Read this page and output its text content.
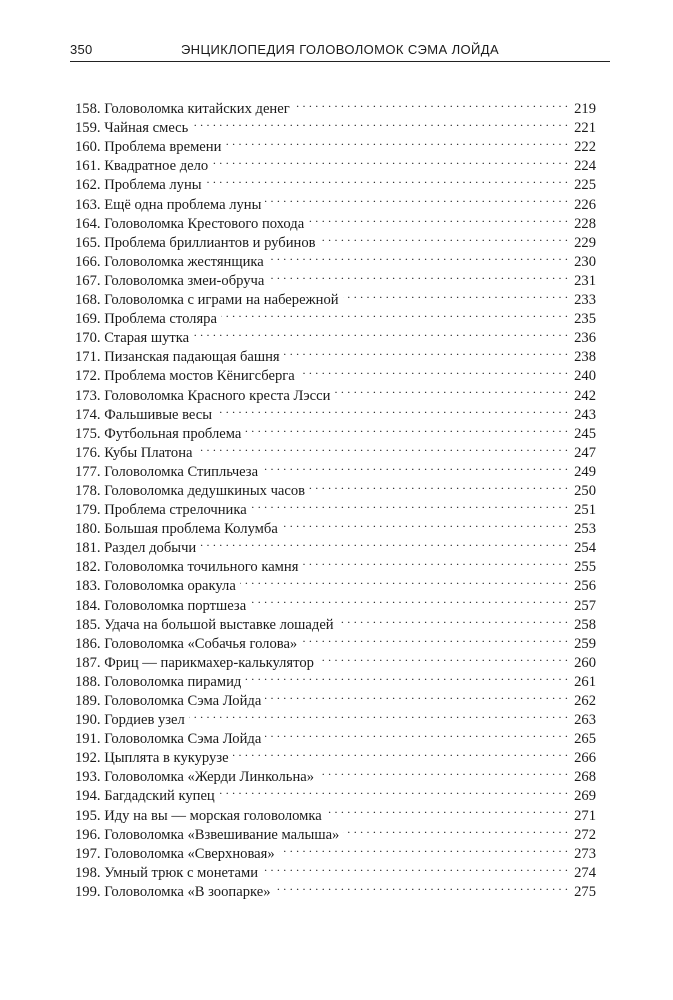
350	ЭНЦИКЛОПЕДИЯ ГОЛОВОЛОМОК СЭМА ЛОЙДА
158. Головоломка китайских денег . . .	219
159. Чайная смесь . . .	221
160. Проблема времени . . .	222
161. Квадратное дело . . .	224
162. Проблема луны . . .	225
163. Ещё одна проблема луны . . .	226
164. Головоломка Крестового похода . . .	228
165. Проблема бриллиантов и рубинов . . .	229
166. Головоломка жестянщика . . .	230
167. Головоломка змеи-обруча . . .	231
168. Головоломка с играми на набережной . . .	233
169. Проблема столяра . . .	235
170. Старая шутка . . .	236
171. Пизанская падающая башня . . .	238
172. Проблема мостов Кёнигсберга . . .	240
173. Головоломка Красного креста Лэсси . . .	242
174. Фальшивые весы . . .	243
175. Футбольная проблема . . .	245
176. Кубы Платона . . .	247
177. Головоломка Стипльчеза . . .	249
178. Головоломка дедушкиных часов . . .	250
179. Проблема стрелочника . . .	251
180. Большая проблема Колумба . . .	253
181. Раздел добычи . . .	254
182. Головоломка точильного камня . . .	255
183. Головоломка оракула . . .	256
184. Головоломка портшеза . . .	257
185. Удача на большой выставке лошадей . . .	258
186. Головоломка «Собачья голова» . . .	259
187. Фриц — парикмахер-калькулятор . . .	260
188. Головоломка пирамид . . .	261
189. Головоломка Сэма Лойда . . .	262
190. Гордиев узел . . .	263
191. Головоломка Сэма Лойда . . .	265
192. Цыплята в кукурузе . . .	266
193. Головоломка «Жерди Линкольна» . . .	268
194. Багдадский купец . . .	269
195. Иду на вы — морская головоломка . . .	271
196. Головоломка «Взвешивание малыша» . . .	272
197. Головоломка «Сверхновая» . . .	273
198. Умный трюк с монетами . . .	274
199. Головоломка «В зоопарке» . . .	275
